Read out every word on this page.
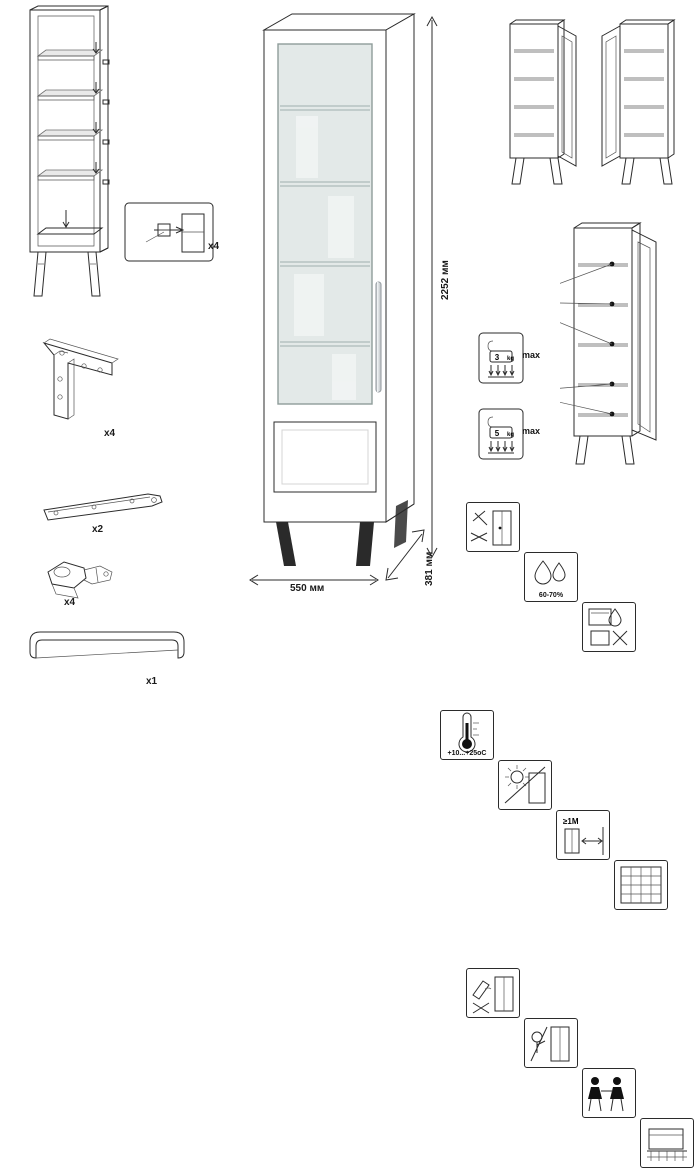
х4
х4
х2
х4
х1
2252 мм
550 мм
381 мм
3 kg max
5 kg max
60-70%
+10...+25оС
≥1М
